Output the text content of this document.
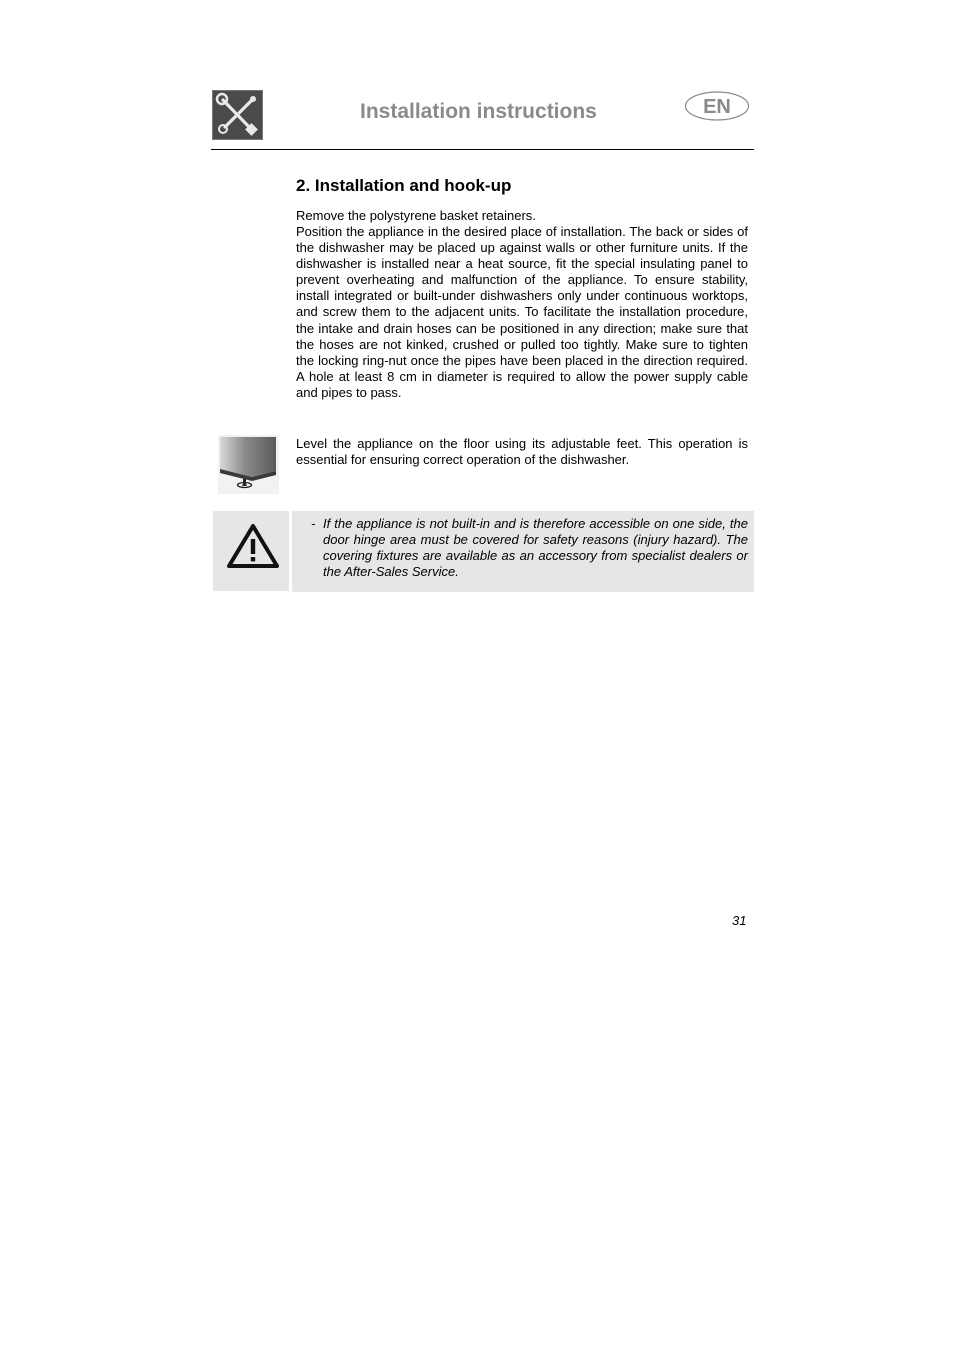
Installation instructions	EN
2. Installation and hook-up
Remove the polystyrene basket retainers.
Position the appliance in the desired place of installation. The back or sides of the dishwasher may be placed up against walls or other furniture units. If the dishwasher is installed near a heat source, fit the special insulating panel to prevent overheating and malfunction of the appliance. To ensure stability, install integrated or built-under dishwashers only under continuous worktops, and screw them to the adjacent units. To facilitate the installation procedure, the intake and drain hoses can be positioned in any direction; make sure that the hoses are not kinked, crushed or pulled too tightly. Make sure to tighten the locking ring-nut once the pipes have been placed in the direction required. A hole at least 8 cm in diameter is required to allow the power supply cable and pipes to pass.
Level the appliance on the floor using its adjustable feet. This operation is essential for ensuring correct operation of the dishwasher.
- If the appliance is not built-in and is therefore accessible on one side, the door hinge area must be covered for safety reasons (injury hazard). The covering fixtures are available as an accessory from specialist dealers or the After-Sales Service.
31
